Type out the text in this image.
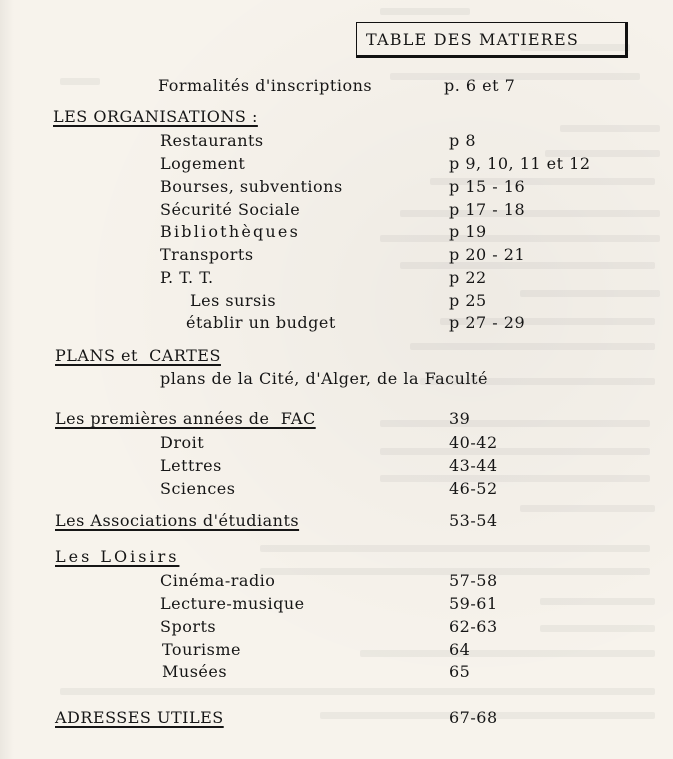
TABLE DES MATIERES
Formalités d'inscriptions	p. 6 et 7
LES ORGANISATIONS :
Restaurants	p 8
Logement	p 9, 10, 11 et 12
Bourses, subventions	p 15 - 16
Sécurité Sociale	p 17 - 18
Bibliothèques	p 19
Transports	p 20 - 21
P. T. T.	p 22
Les sursis	p 25
établir un budget	p 27 - 29
PLANS et  CARTES
plans de la Cité, d'Alger, de la Faculté
Les premières années de  FAC	39
Droit	40-42
Lettres	43-44
Sciences	46-52
Les Associations d'étudiants	53-54
Les LOisirs
Cinéma-radio	57-58
Lecture-musique	59-61
Sports	62-63
Tourisme	64
Musées	65
ADRESSES UTILES	67-68
